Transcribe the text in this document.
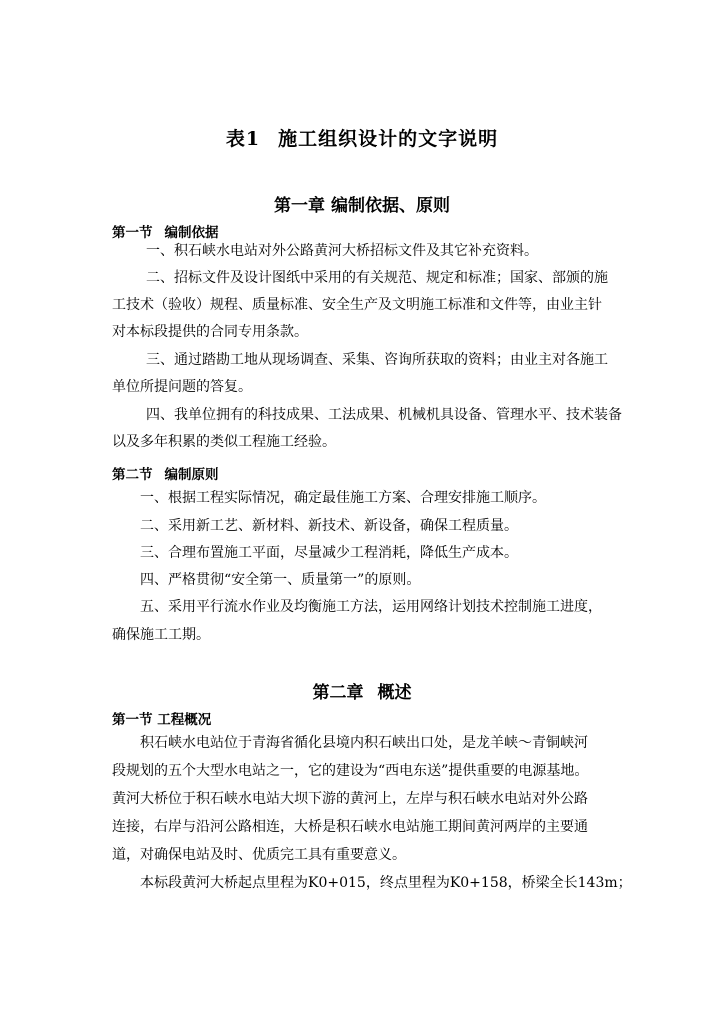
表1 施工组织设计的文字说明
第一章 编制依据、原则
第一节 编制依据
一、积石峡水电站对外公路黄河大桥招标文件及其它补充资料。
二、招标文件及设计图纸中采用的有关规范、规定和标准；国家、部颁的施
工技术（验收）规程、质量标准、安全生产及文明施工标准和文件等，由业主针
对本标段提供的合同专用条款。
三、通过踏勘工地从现场调查、采集、咨询所获取的资料；由业主对各施工
单位所提问题的答复。
四、我单位拥有的科技成果、工法成果、机械机具设备、管理水平、技术装备
以及多年积累的类似工程施工经验。
第二节 编制原则
一、根据工程实际情况，确定最佳施工方案、合理安排施工顺序。
二、采用新工艺、新材料、新技术、新设备，确保工程质量。
三、合理布置施工平面，尽量减少工程消耗，降低生产成本。
四、严格贯彻“安全第一、质量第一”的原则。
五、采用平行流水作业及均衡施工方法，运用网络计划技术控制施工进度，
确保施工工期。
第二章 概述
第一节 工程概况
积石峡水电站位于青海省循化县境内积石峡出口处，是龙羊峡～青铜峡河
段规划的五个大型水电站之一，它的建设为“西电东送”提供重要的电源基地。
黄河大桥位于积石峡水电站大坝下游的黄河上，左岸与积石峡水电站对外公路
连接，右岸与沿河公路相连，大桥是积石峡水电站施工期间黄河两岸的主要通
道，对确保电站及时、优质完工具有重要意义。
本标段黄河大桥起点里程为K0+015，终点里程为K0+158，桥梁全长143m；
